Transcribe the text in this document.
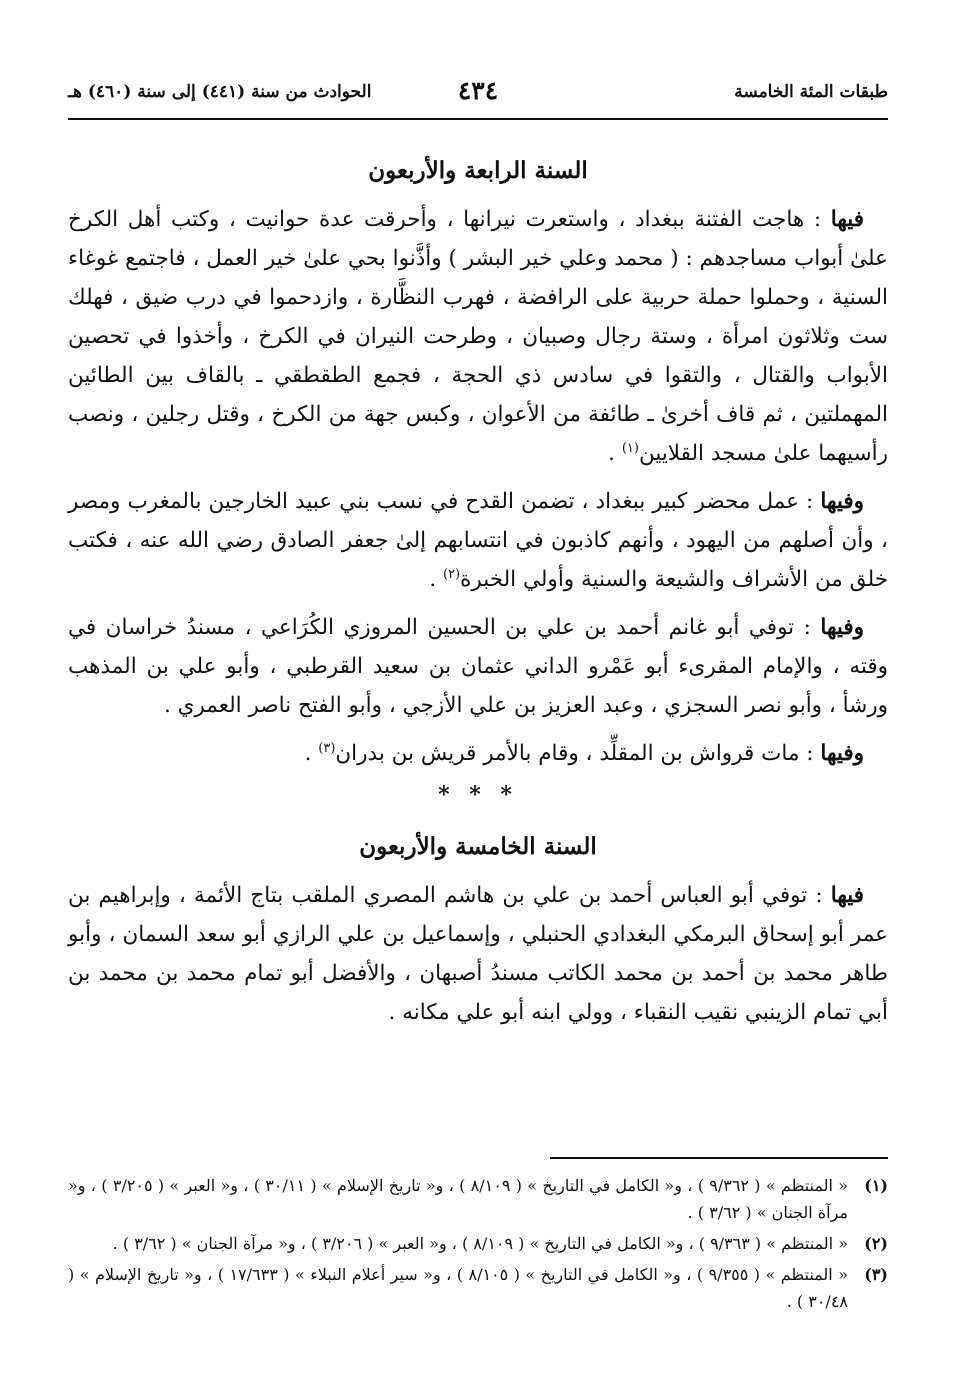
طبقات المئة الخامسة
٤٣٤
الحوادث من سنة (٤٤١) إلى سنة (٤٦٠) هـ
السنة الرابعة والأربعون

فيها : هاجت الفتنة ببغداد ، واستعرت نيرانها ، وأحرقت عدة حوانيت ، وكتب أهل الكرخ علىٰ أبواب مساجدهم : ( محمد وعلي خير البشر ) وأذَّنوا بحي علىٰ خير العمل ، فاجتمع غوغاء السنية ، وحملوا حملة حربية على الرافضة ، فهرب النظَّارة ، وازدحموا في درب ضيق ، فهلك ست وثلاثون امرأة ، وستة رجال وصبيان ، وطرحت النيران في الكرخ ، وأخذوا في تحصين الأبواب والقتال ، والتقوا في سادس ذي الحجة ، فجمع الطقطقي ـ بالقاف بين الطائين المهملتين ، ثم قاف أخرىٰ ـ طائفة من الأعوان ، وكبس جهة من الكرخ ، وقتل رجلين ، ونصب رأسيهما علىٰ مسجد القلايين$^{(١)}$ .

وفيها : عمل محضر كبير ببغداد ، تضمن القدح في نسب بني عبيد الخارجين بالمغرب ومصر ، وأن أصلهم من اليهود ، وأنهم كاذبون في انتسابهم إلىٰ جعفر الصادق رضي الله عنه ، فكتب خلق من الأشراف والشيعة والسنية وأولي الخبرة$^{(٢)}$ .

وفيها : توفي أبو غانم أحمد بن علي بن الحسين المروزي الكُرَاعي ، مسندُ خراسان في وقته ، والإمام المقرىء أبو عَمْرو الداني عثمان بن سعيد القرطبي ، وأبو علي بن المذهب ورشأ ، وأبو نصر السجزي ، وعبد العزيز بن علي الأزجي ، وأبو الفتح ناصر العمري .

وفيها : مات قرواش بن المقلِّد ، وقام بالأمر قريش بن بدران$^{(٣)}$ .

* * *
السنة الخامسة والأربعون

فيها : توفي أبو العباس أحمد بن علي بن هاشم المصري الملقب بتاج الأئمة ، وإبراهيم بن عمر أبو إسحاق البرمكي البغدادي الحنبلي ، وإسماعيل بن علي الرازي أبو سعد السمان ، وأبو طاهر محمد بن أحمد بن محمد الكاتب مسندُ أصبهان ، والأفضل أبو تمام محمد بن محمد بن أبي تمام الزينبي نقيب النقباء ، وولي ابنه أبو علي مكانه .

(١)
« المنتظم » ( ٩/٣٦٢ ) ، و« الكامل في التاريخ » ( ٨/١٠٩ ) ، و« تاريخ الإسلام » ( ٣٠/١١ ) ، و« العبر » ( ٣/٢٠٥ ) ، و« مرآة الجنان » ( ٣/٦٢ ) .
(٢)
« المنتظم » ( ٩/٣٦٣ ) ، و« الكامل في التاريخ » ( ٨/١٠٩ ) ، و« العبر » ( ٣/٢٠٦ ) ، و« مرآة الجنان » ( ٣/٦٢ ) .
(٣)
« المنتظم » ( ٩/٣٥٥ ) ، و« الكامل في التاريخ » ( ٨/١٠٥ ) ، و« سير أعلام النبلاء » ( ١٧/٦٣٣ ) ، و« تاريخ الإسلام » ( ٣٠/٤٨ ) .
